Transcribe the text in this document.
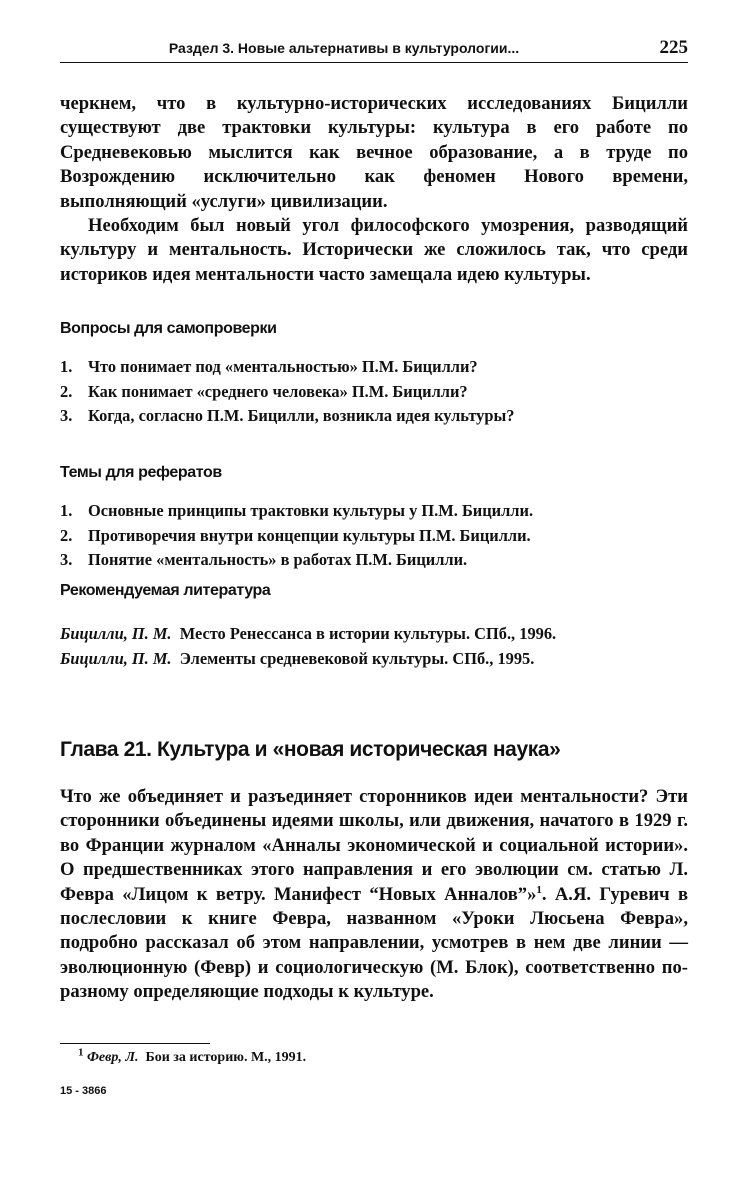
Раздел 3. Новые альтернативы в культурологии...	225

черкнем, что в культурно-исторических исследованиях Бицилли существуют две трактовки культуры: культура в его работе по Средневековью мыслится как вечное образование, а в труде по Возрождению исключительно как феномен Нового времени, выполняющий «услуги» цивилизации.

Необходим был новый угол философского умозрения, разводящий культуру и ментальность. Исторически же сложилось так, что среди историков идея ментальности часто замещала идею культуры.

Вопросы для самопроверки
1. Что понимает под «ментальностью» П.М. Бицилли?
2. Как понимает «среднего человека» П.М. Бицилли?
3. Когда, согласно П.М. Бицилли, возникла идея культуры?
Темы для рефератов
1. Основные принципы трактовки культуры у П.М. Бицилли.
2. Противоречия внутри концепции культуры П.М. Бицилли.
3. Понятие «ментальность» в работах П.М. Бицилли.
Рекомендуемая литература

Бицилли, П. М. Место Ренессанса в истории культуры. СПб., 1996.

Бицилли, П. М. Элементы средневековой культуры. СПб., 1995.

Глава 21. Культура и «новая историческая наука»

Что же объединяет и разъединяет сторонников идеи ментальности? Эти сторонники объединены идеями школы, или движения, начатого в 1929 г. во Франции журналом «Анналы экономической и социальной истории». О предшественниках этого направления и его эволюции см. статью Л. Февра «Лицом к ветру. Манифест “Новых Анналов”»$^1$. А.Я. Гуревич в послесловии к книге Февра, названном «Уроки Люсьена Февра», подробно рассказал об этом направлении, усмотрев в нем две линии — эволюционную (Февр) и социологическую (М. Блок), соответственно по-разному определяющие подходы к культуре.

$^1$ Февр, Л. Бои за историю. М., 1991.
15 - 3866
